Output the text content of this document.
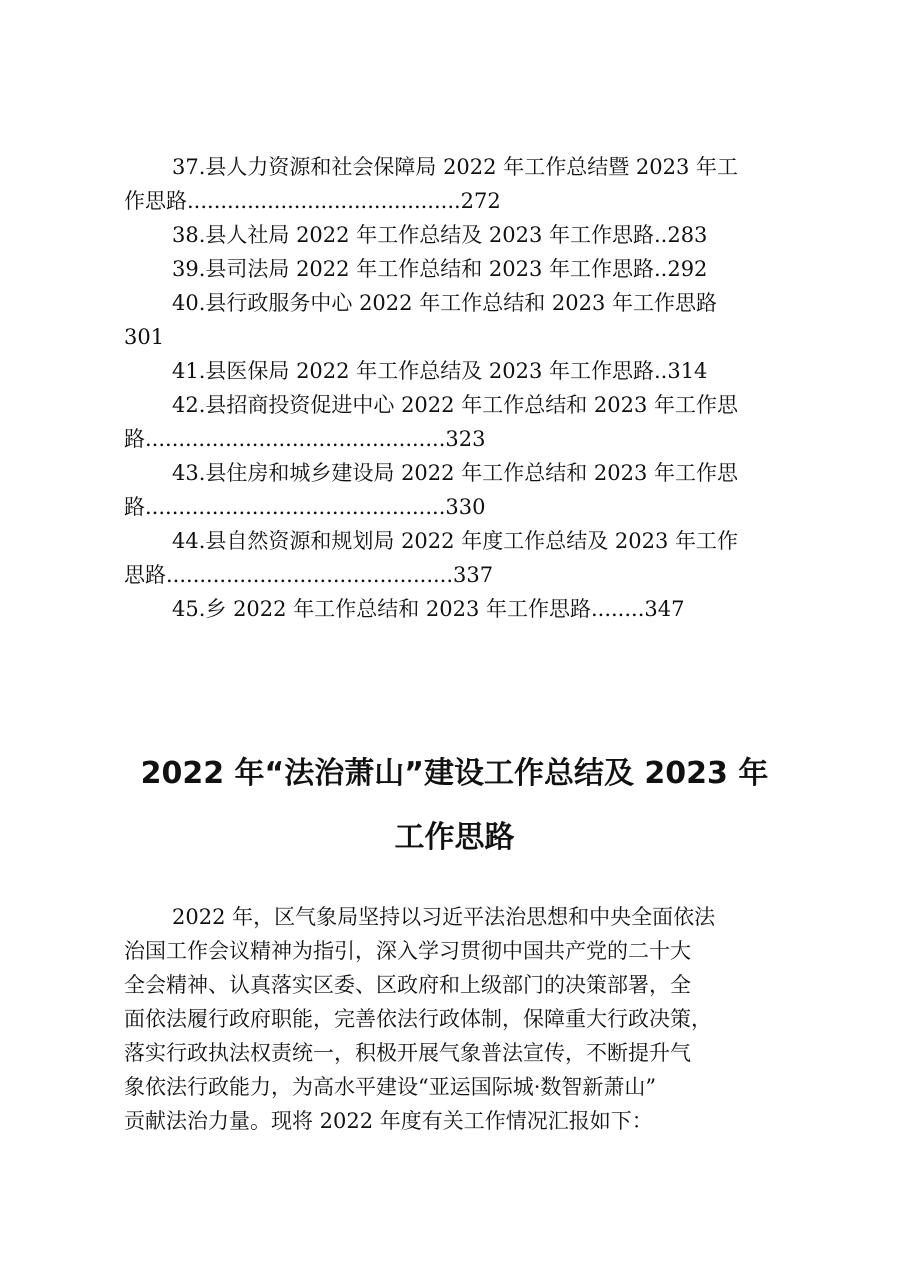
37.县人力资源和社会保障局 2022 年工作总结暨 2023 年工
作思路.........................................272
38.县人社局 2022 年工作总结及 2023 年工作思路..283
39.县司法局 2022 年工作总结和 2023 年工作思路..292
40.县行政服务中心 2022 年工作总结和 2023 年工作思路
301
41.县医保局 2022 年工作总结及 2023 年工作思路..314
42.县招商投资促进中心 2022 年工作总结和 2023 年工作思
路.............................................323
43.县住房和城乡建设局 2022 年工作总结和 2023 年工作思
路.............................................330
44.县自然资源和规划局 2022 年度工作总结及 2023 年工作
思路...........................................337
45.乡 2022 年工作总结和 2023 年工作思路........347
2022 年“法治萧山”建设工作总结及 2023 年
工作思路
2022 年，区气象局坚持以习近平法治思想和中央全面依法
治国工作会议精神为指引，深入学习贯彻中国共产党的二十大
全会精神、认真落实区委、区政府和上级部门的决策部署，全
面依法履行政府职能，完善依法行政体制，保障重大行政决策，
落实行政执法权责统一，积极开展气象普法宣传，不断提升气
象依法行政能力，为高水平建设“亚运国际城·数智新萧山”
贡献法治力量。现将 2022 年度有关工作情况汇报如下：
